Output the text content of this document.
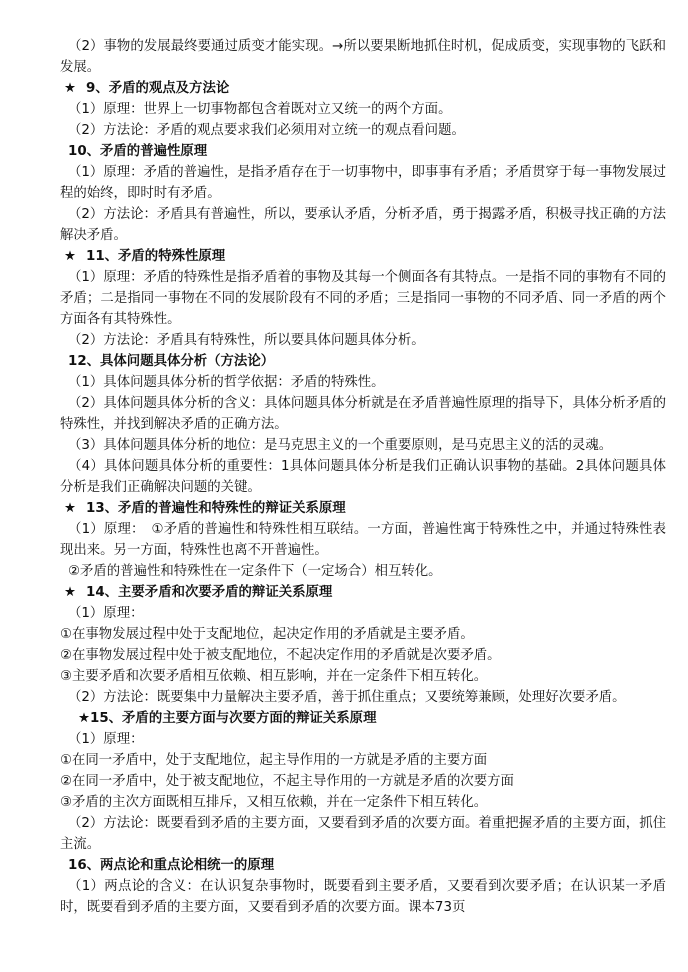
（2）事物的发展最终要通过质变才能实现。→所以要果断地抓住时机，促成质变，实现事物的飞跃和发展。
★ 9、矛盾的观点及方法论
（1）原理：世界上一切事物都包含着既对立又统一的两个方面。
（2）方法论：矛盾的观点要求我们必须用对立统一的观点看问题。
10、矛盾的普遍性原理
（1）原理：矛盾的普遍性，是指矛盾存在于一切事物中，即事事有矛盾；矛盾贯穿于每一事物发展过程的始终，即时时有矛盾。
（2）方法论：矛盾具有普遍性，所以，要承认矛盾，分析矛盾，勇于揭露矛盾，积极寻找正确的方法解决矛盾。
★ 11、矛盾的特殊性原理
（1）原理：矛盾的特殊性是指矛盾着的事物及其每一个侧面各有其特点。一是指不同的事物有不同的矛盾；二是指同一事物在不同的发展阶段有不同的矛盾；三是指同一事物的不同矛盾、同一矛盾的两个方面各有其特殊性。
（2）方法论：矛盾具有特殊性，所以要具体问题具体分析。
12、具体问题具体分析（方法论）
（1）具体问题具体分析的哲学依据：矛盾的特殊性。
（2）具体问题具体分析的含义：具体问题具体分析就是在矛盾普遍性原理的指导下，具体分析矛盾的特殊性，并找到解决矛盾的正确方法。
（3）具体问题具体分析的地位：是马克思主义的一个重要原则，是马克思主义的活的灵魂。
（4）具体问题具体分析的重要性：1具体问题具体分析是我们正确认识事物的基础。2具体问题具体分析是我们正确解决问题的关键。
★ 13、矛盾的普遍性和特殊性的辩证关系原理
（1）原理：　①矛盾的普遍性和特殊性相互联结。一方面，普遍性寓于特殊性之中，并通过特殊性表现出来。另一方面，特殊性也离不开普遍性。
②矛盾的普遍性和特殊性在一定条件下（一定场合）相互转化。
★ 14、主要矛盾和次要矛盾的辩证关系原理
（1）原理：
①在事物发展过程中处于支配地位，起决定作用的矛盾就是主要矛盾。
②在事物发展过程中处于被支配地位，不起决定作用的矛盾就是次要矛盾。
③主要矛盾和次要矛盾相互依赖、相互影响，并在一定条件下相互转化。
（2）方法论：既要集中力量解决主要矛盾，善于抓住重点；又要统筹兼顾，处理好次要矛盾。
★15、矛盾的主要方面与次要方面的辩证关系原理
（1）原理：
①在同一矛盾中，处于支配地位，起主导作用的一方就是矛盾的主要方面
②在同一矛盾中，处于被支配地位，不起主导作用的一方就是矛盾的次要方面
③矛盾的主次方面既相互排斥，又相互依赖，并在一定条件下相互转化。
（2）方法论：既要看到矛盾的主要方面，又要看到矛盾的次要方面。着重把握矛盾的主要方面，抓住主流。
16、两点论和重点论相统一的原理
（1）两点论的含义：在认识复杂事物时，既要看到主要矛盾，又要看到次要矛盾；在认识某一矛盾时，既要看到矛盾的主要方面，又要看到矛盾的次要方面。课本73页
